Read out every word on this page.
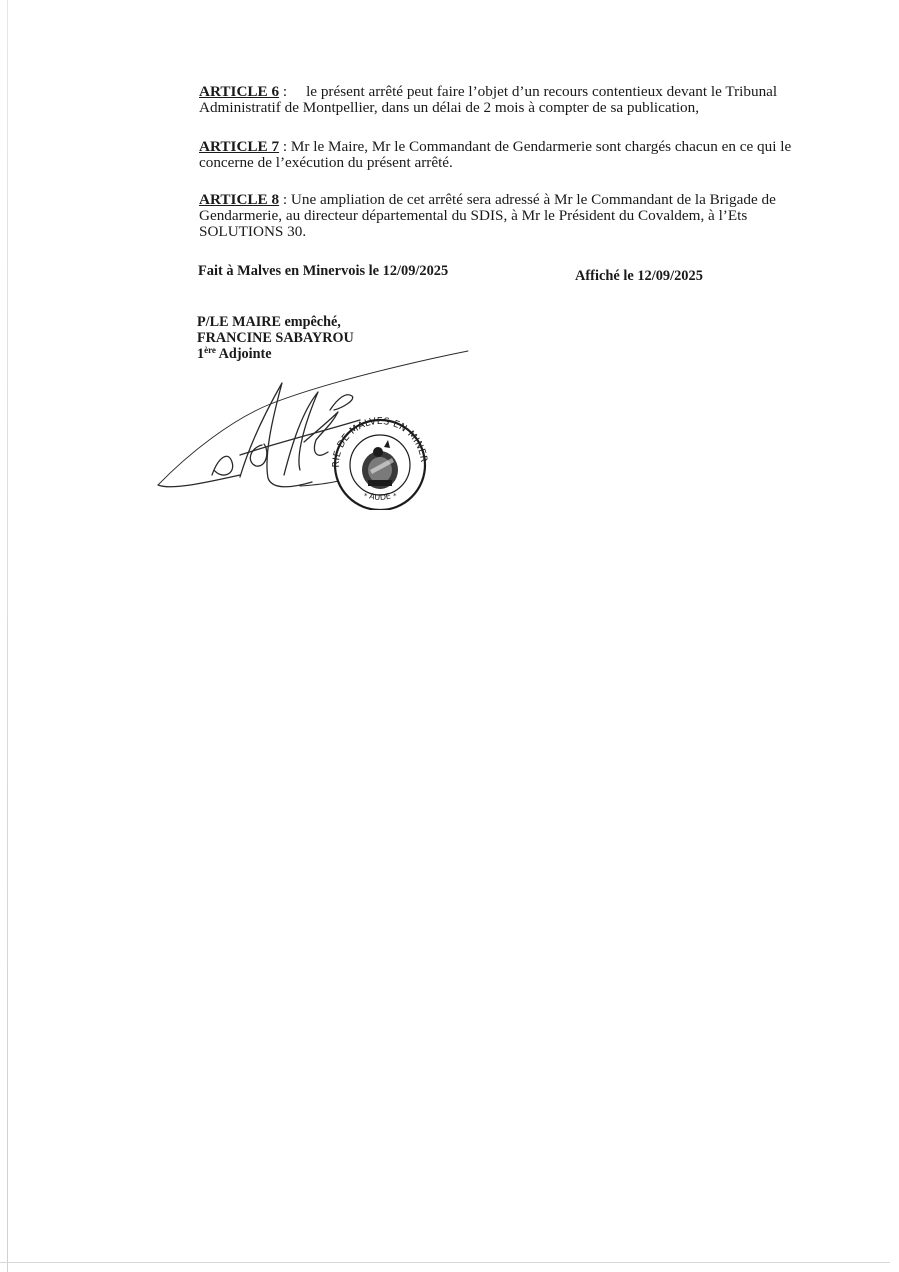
ARTICLE 6 : le présent arrêté peut faire l’objet d’un recours contentieux devant le Tribunal
Administratif de Montpellier, dans un délai de 2 mois à compter de sa publication,
ARTICLE 7 : Mr le Maire, Mr le Commandant de Gendarmerie sont chargés chacun en ce qui le
concerne de l’exécution du présent arrêté.
ARTICLE 8 : Une ampliation de cet arrêté sera adressé à Mr le Commandant de la Brigade de
Gendarmerie, au directeur départemental du SDIS, à Mr le Président du Covaldem, à l’Ets
SOLUTIONS 30.
Fait à Malves en Minervois le 12/09/2025	Affiché le 12/09/2025
P/LE MAIRE empêché,
FRANCINE SABAYROU
1ère Adjointe
RIE DE MALVES EN MINER
AUDE
*	*
